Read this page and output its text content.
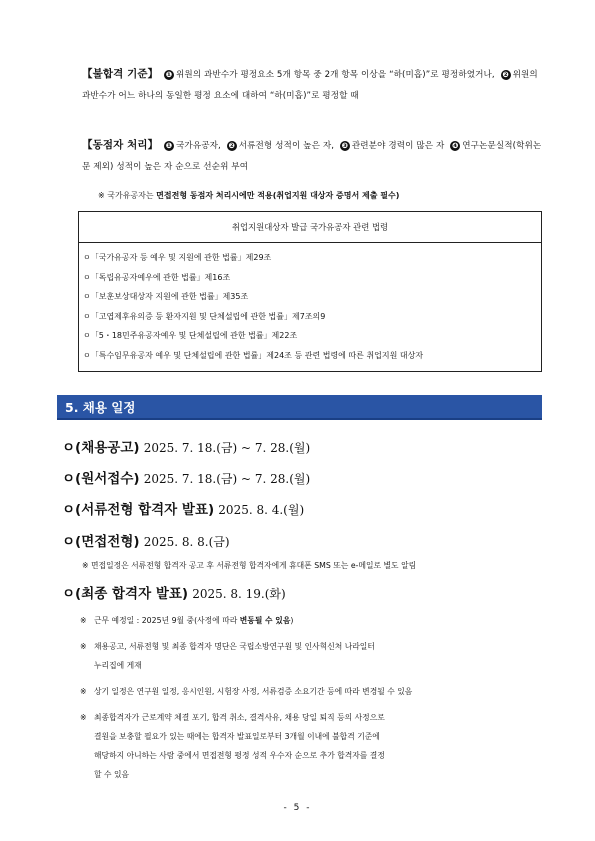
【불합격 기준】 ❶ 위원의 과반수가 평정요소 5개 항목 중 2개 항목 이상을 “하(미흡)”로 평정하였거나, ❷ 위원의 과반수가 어느 하나의 동일한 평정 요소에 대하여 “하(미흡)”로 평정할 때
【동점자 처리】 ❶ 국가유공자, ❷ 서류전형 성적이 높은 자, ❸ 관련분야 경력이 많은 자 ❹ 연구논문실적(학위논문 제외) 성적이 높은 자 순으로 선순위 부여
※ 국가유공자는 면접전형 동점자 처리시에만 적용(취업지원 대상자 증명서 제출 필수)
취업지원대상자 발급 국가유공자 관련 법령
ㅇ「국가유공자 등 예우 및 지원에 관한 법률」제29조
ㅇ「독립유공자예우에 관한 법률」제16조
ㅇ「보훈보상대상자 지원에 관한 법률」제35조
ㅇ「고엽제후유의증 등 환자지원 및 단체설립에 관한 법률」제7조의9
ㅇ「5・18민주유공자예우 및 단체설립에 관한 법률」제22조
ㅇ「특수임무유공자 예우 및 단체설립에 관한 법률」제24조 등 관련 법령에 따른 취업지원 대상자
5. 채용 일정
ㅇ(채용공고) 2025. 7. 18.(금) ~ 7. 28.(월)
ㅇ(원서접수) 2025. 7. 18.(금) ~ 7. 28.(월)
ㅇ(서류전형 합격자 발표) 2025. 8. 4.(월)
ㅇ(면접전형) 2025. 8. 8.(금)
※ 면접일정은 서류전형 합격자 공고 후 서류전형 합격자에게 휴대폰 SMS 또는 e-메일로 별도 알림
ㅇ(최종 합격자 발표) 2025. 8. 19.(화)
※ 근무 예정일 : 2025년 9월 중(사정에 따라 변동될 수 있음)
※ 채용공고, 서류전형 및 최종 합격자 명단은 국립소방연구원 및 인사혁신처 나라일터
누리집에 게재
※ 상기 일정은 연구원 일정, 응시인원, 시험장 사정, 서류검증 소요기간 등에 따라 변경될 수 있음
※ 최종합격자가 근로계약 체결 포기, 합격 취소, 결격사유, 채용 당일 퇴직 등의 사정으로
결원을 보충할 필요가 있는 때에는 합격자 발표일로부터 3개월 이내에 불합격 기준에
해당하지 아니하는 사람 중에서 면접전형 평정 성적 우수자 순으로 추가 합격자를 결정
할 수 있음
- 5 -
